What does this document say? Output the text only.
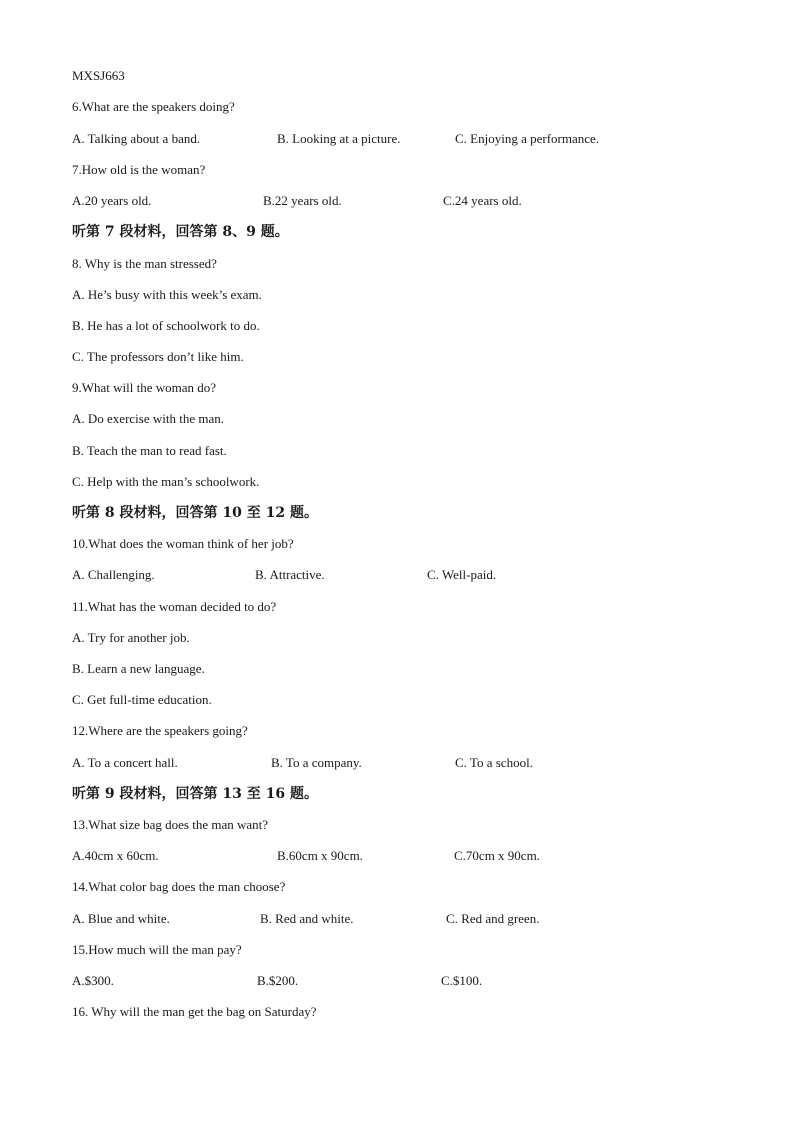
MXSJ663
6.What are the speakers doing?
A. Talking about a band.	B. Looking at a picture.	C. Enjoying a performance.
7.How old is the woman?
A.20 years old.	B.22 years old.	C.24 years old.
听第 7 段材料，回答第 8、9 题。
8. Why is the man stressed?
A. He’s busy with this week’s exam.
B. He has a lot of schoolwork to do.
C. The professors don’t like him.
9.What will the woman do?
A. Do exercise with the man.
B. Teach the man to read fast.
C. Help with the man’s schoolwork.
听第 8 段材料，回答第 10 至 12 题。
10.What does the woman think of her job?
A. Challenging.	B. Attractive.	C. Well-paid.
11.What has the woman decided to do?
A. Try for another job.
B. Learn a new language.
C. Get full-time education.
12.Where are the speakers going?
A. To a concert hall.	B. To a company.	C. To a school.
听第 9 段材料，回答第 13 至 16 题。
13.What size bag does the man want?
A.40cm x 60cm.	B.60cm x 90cm.	C.70cm x 90cm.
14.What color bag does the man choose?
A. Blue and white.	B. Red and white.	C. Red and green.
15.How much will the man pay?
A.$300.	B.$200.	C.$100.
16. Why will the man get the bag on Saturday?
